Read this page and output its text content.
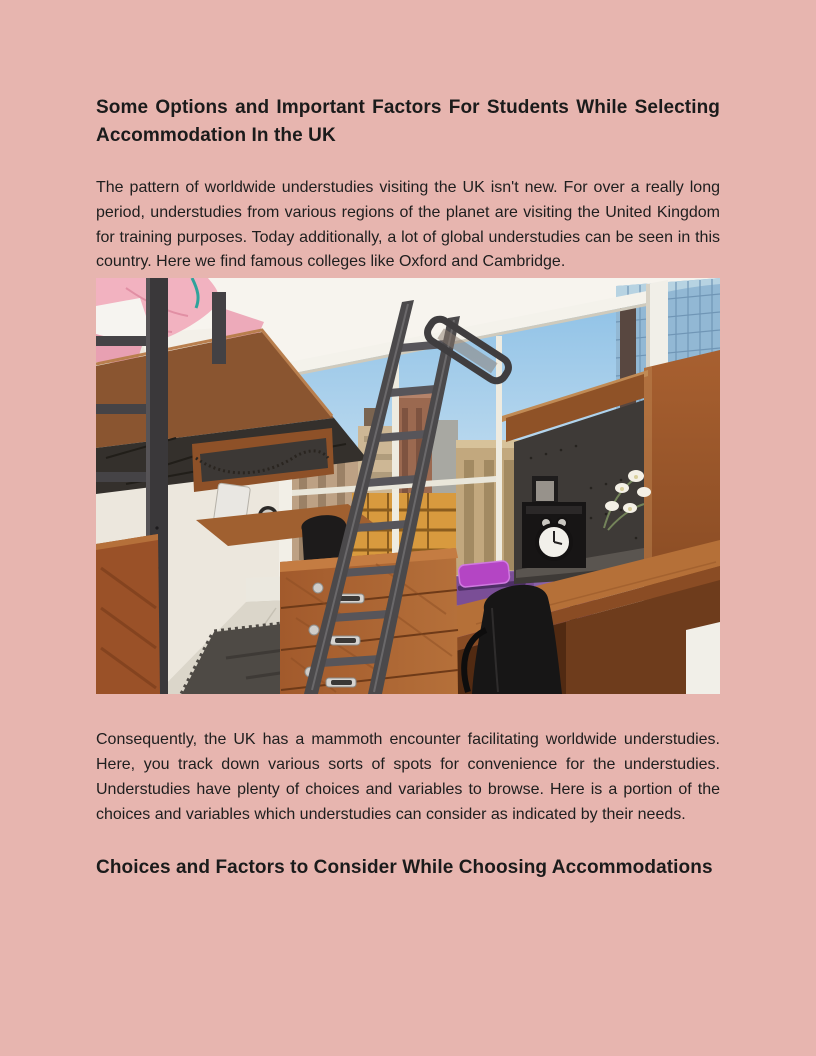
Some Options and Important Factors For Students While Selecting Accommodation In the UK

The pattern of worldwide understudies visiting the UK isn't new. For over a really long period, understudies from various regions of the planet are visiting the United Kingdom for training purposes. Today additionally, a lot of global understudies can be seen in this country. Here we find famous colleges like Oxford and Cambridge.

Consequently, the UK has a mammoth encounter facilitating worldwide understudies. Here, you track down various sorts of spots for convenience for the understudies. Understudies have plenty of choices and variables to browse. Here is a portion of the choices and variables which understudies can consider as indicated by their needs.

Choices and Factors to Consider While Choosing Accommodations
